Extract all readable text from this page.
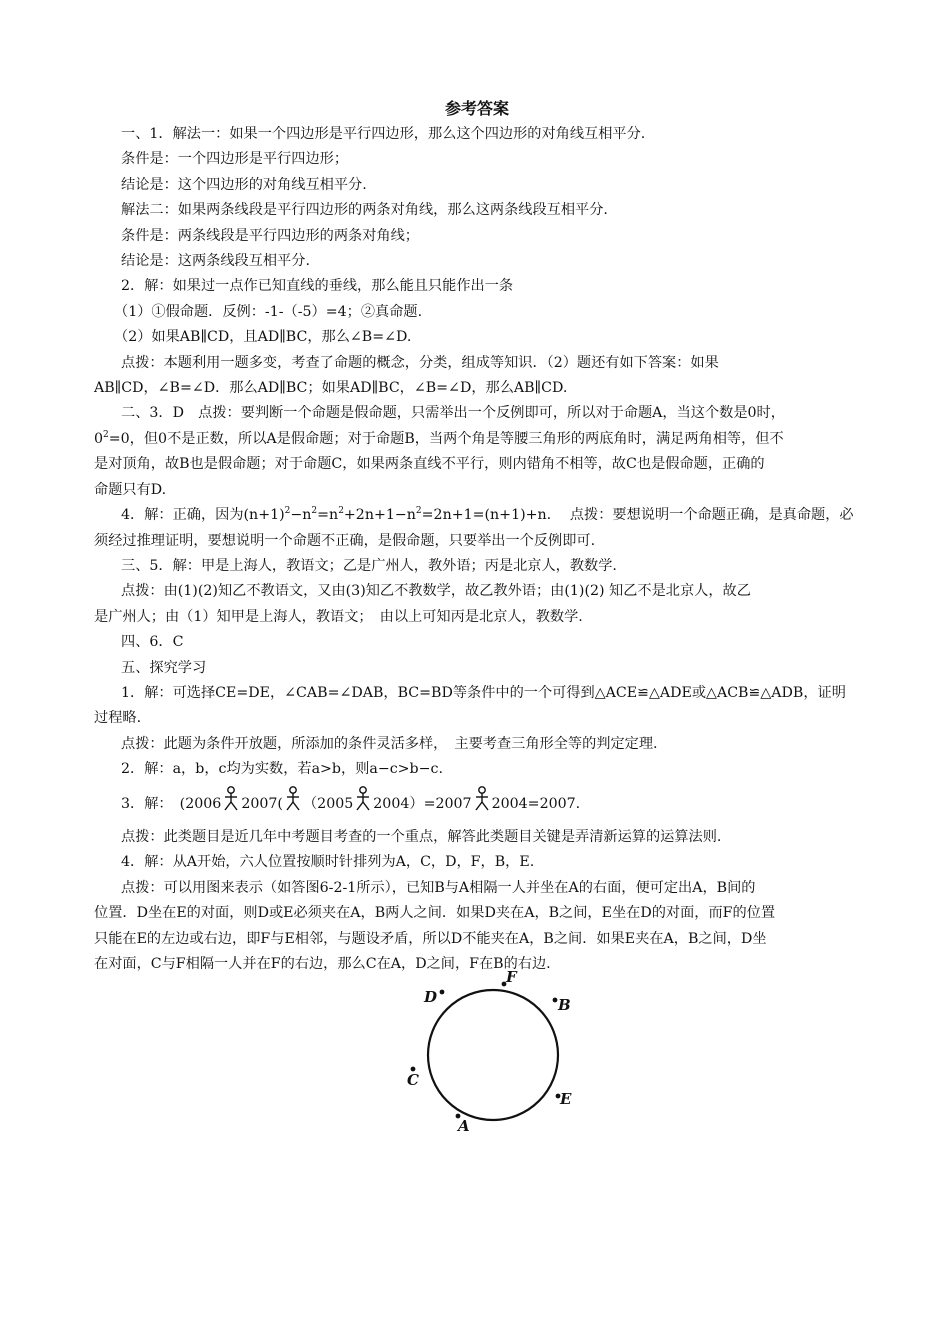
参考答案

一、1．解法一：如果一个四边形是平行四边形，那么这个四边形的对角线互相平分.

条件是：一个四边形是平行四边形；

结论是：这个四边形的对角线互相平分.

解法二：如果两条线段是平行四边形的两条对角线，那么这两条线段互相平分.

条件是：两条线段是平行四边形的两条对角线；

结论是：这两条线段互相平分.

2．解：如果过一点作已知直线的垂线，那么能且只能作出一条

（1）①假命题．反例：-1-（-5）=4；②真命题.

（2）如果AB∥CD，且AD∥BC，那么∠B=∠D.

点拨：本题利用一题多变，考查了命题的概念，分类，组成等知识．（2）题还有如下答案：如果

AB∥CD，∠B=∠D．那么AD∥BC；如果AD∥BC，∠B=∠D，那么AB∥CD.

二、3．D　点拨：要判断一个命题是假命题，只需举出一个反例即可，所以对于命题A，当这个数是0时，

$0^2=0$，但0不是正数，所以A是假命题；对于命题B，当两个角是等腰三角形的两底角时，满足两角相等，但不

是对顶角，故B也是假命题；对于命题C，如果两条直线不平行，则内错角不相等，故C也是假命题，正确的

命题只有D.

4．解：正确，因为$(n+1)^2-n^2=n^2+2n+1-n^2=2n+1=(n+1)+n$.　 点拨：要想说明一个命题正确，是真命题，必

须经过推理证明，要想说明一个命题不正确，是假命题，只要举出一个反例即可.

三、5．解：甲是上海人，教语文；乙是广州人，教外语；丙是北京人，教数学.

点拨：由(1)(2)知乙不教语文，又由(3)知乙不教数学，故乙教外语；由(1)(2) 知乙不是北京人，故乙

是广州人；由（1）知甲是上海人，教语文；　由以上可知丙是北京人，教数学.

四、6．C

五、探究学习

1．解：可选择CE=DE，∠CAB=∠DAB，BC=BD等条件中的一个可得到△ACE≌△ADE或△ACB≌△ADB，证明

过程略.

点拨：此题为条件开放题，所添加的条件灵活多样，　主要考查三角形全等的判定定理.

2．解：a，b，c均为实数，若a>b，则a−c>b−c.

3．解：　(2006 2007( （2005 2004）=2007 2004=2007.

点拨：此类题目是近几年中考题目考查的一个重点，解答此类题目关键是弄清新运算的运算法则.

4．解：从A开始，六人位置按顺时针排列为A，C，D，F，B，E.

点拨：可以用图来表示（如答图6-2-1所示），已知B与A相隔一人并坐在A的右面，便可定出A，B间的

位置．D坐在E的对面，则D或E必须夹在A，B两人之间．如果D夹在A，B之间，E坐在D的对面，而F的位置

只能在E的左边或右边，即F与E相邻，与题设矛盾，所以D不能夹在A，B之间．如果E夹在A，B之间，D坐

在对面，C与F相隔一人并在F的右边，那么C在A，D之间，F在B的右边.

D
F
B
C
E
A
